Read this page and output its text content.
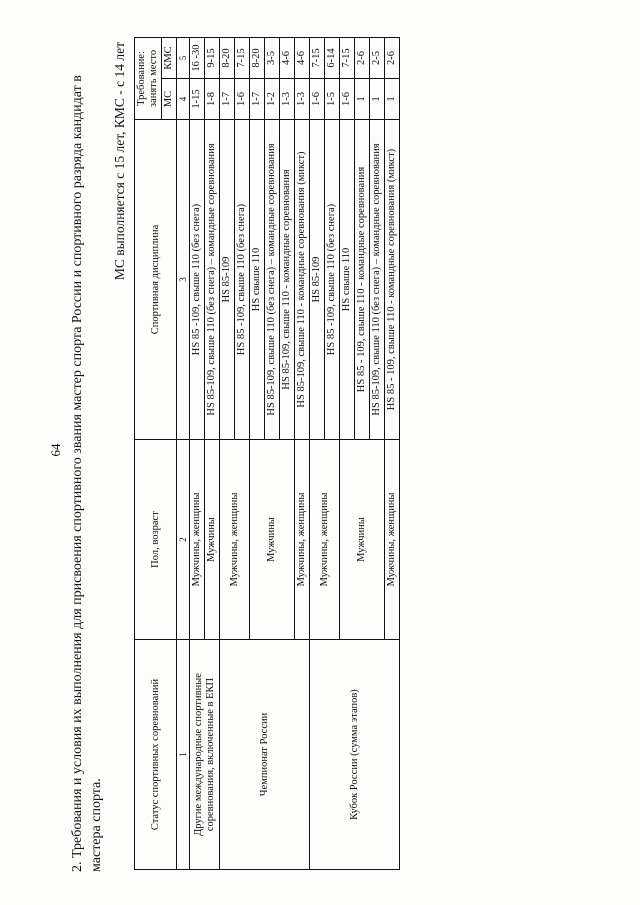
64 2. Требования и условия их выполнения для присвоения спортивного звания мастер спорта России и спортивного разряда кандидат в мастера спорта.
МС выполняется с 15 лет, КМС - с 14 лет
Статус спортивных соревнований	Пол, возраст	Спортивная дисциплина	Требование: занять место	
			МС	КМС
1	2	3	4	5
Другие международные спортивные соревнования, включенные в ЕКП	Мужчины, женщины	HS 85 -109, свыше 110 (без снега)	1-15	16 -30
	Мужчины	HS 85-109, свыше 110 (без снега) – командные соревнования	1-8	9-15
Чемпионат России	Мужчины, женщины	HS 85-109	1-7	8-20
		HS 85 -109, свыше 110 (без снега)	1-6	7-15
	Мужчины	HS свыше 110	1-7	8-20
		HS 85-109, свыше 110 (без снега) – командные соревнования	1-2	3-5
		HS 85-109, свыше 110 - командные соревнования	1-3	4-6
	Мужчины, женщины	HS 85-109, свыше 110 - командные соревнования (микст)	1-3	4-6
Кубок России (сумма этапов)	Мужчины, женщины	HS 85-109	1-6	7-15
		HS 85 -109, свыше 110 (без снега)	1-5	6-14
	Мужчины	HS свыше 110	1-6	7-15
		HS 85 - 109, свыше 110 - командные соревнования	1	2-6
		HS 85-109, свыше 110 (без снега) – командные соревнования	1	2-5
	Мужчины, женщины	HS 85 - 109, свыше 110 - командные соревнования (микст)	1	2-6
